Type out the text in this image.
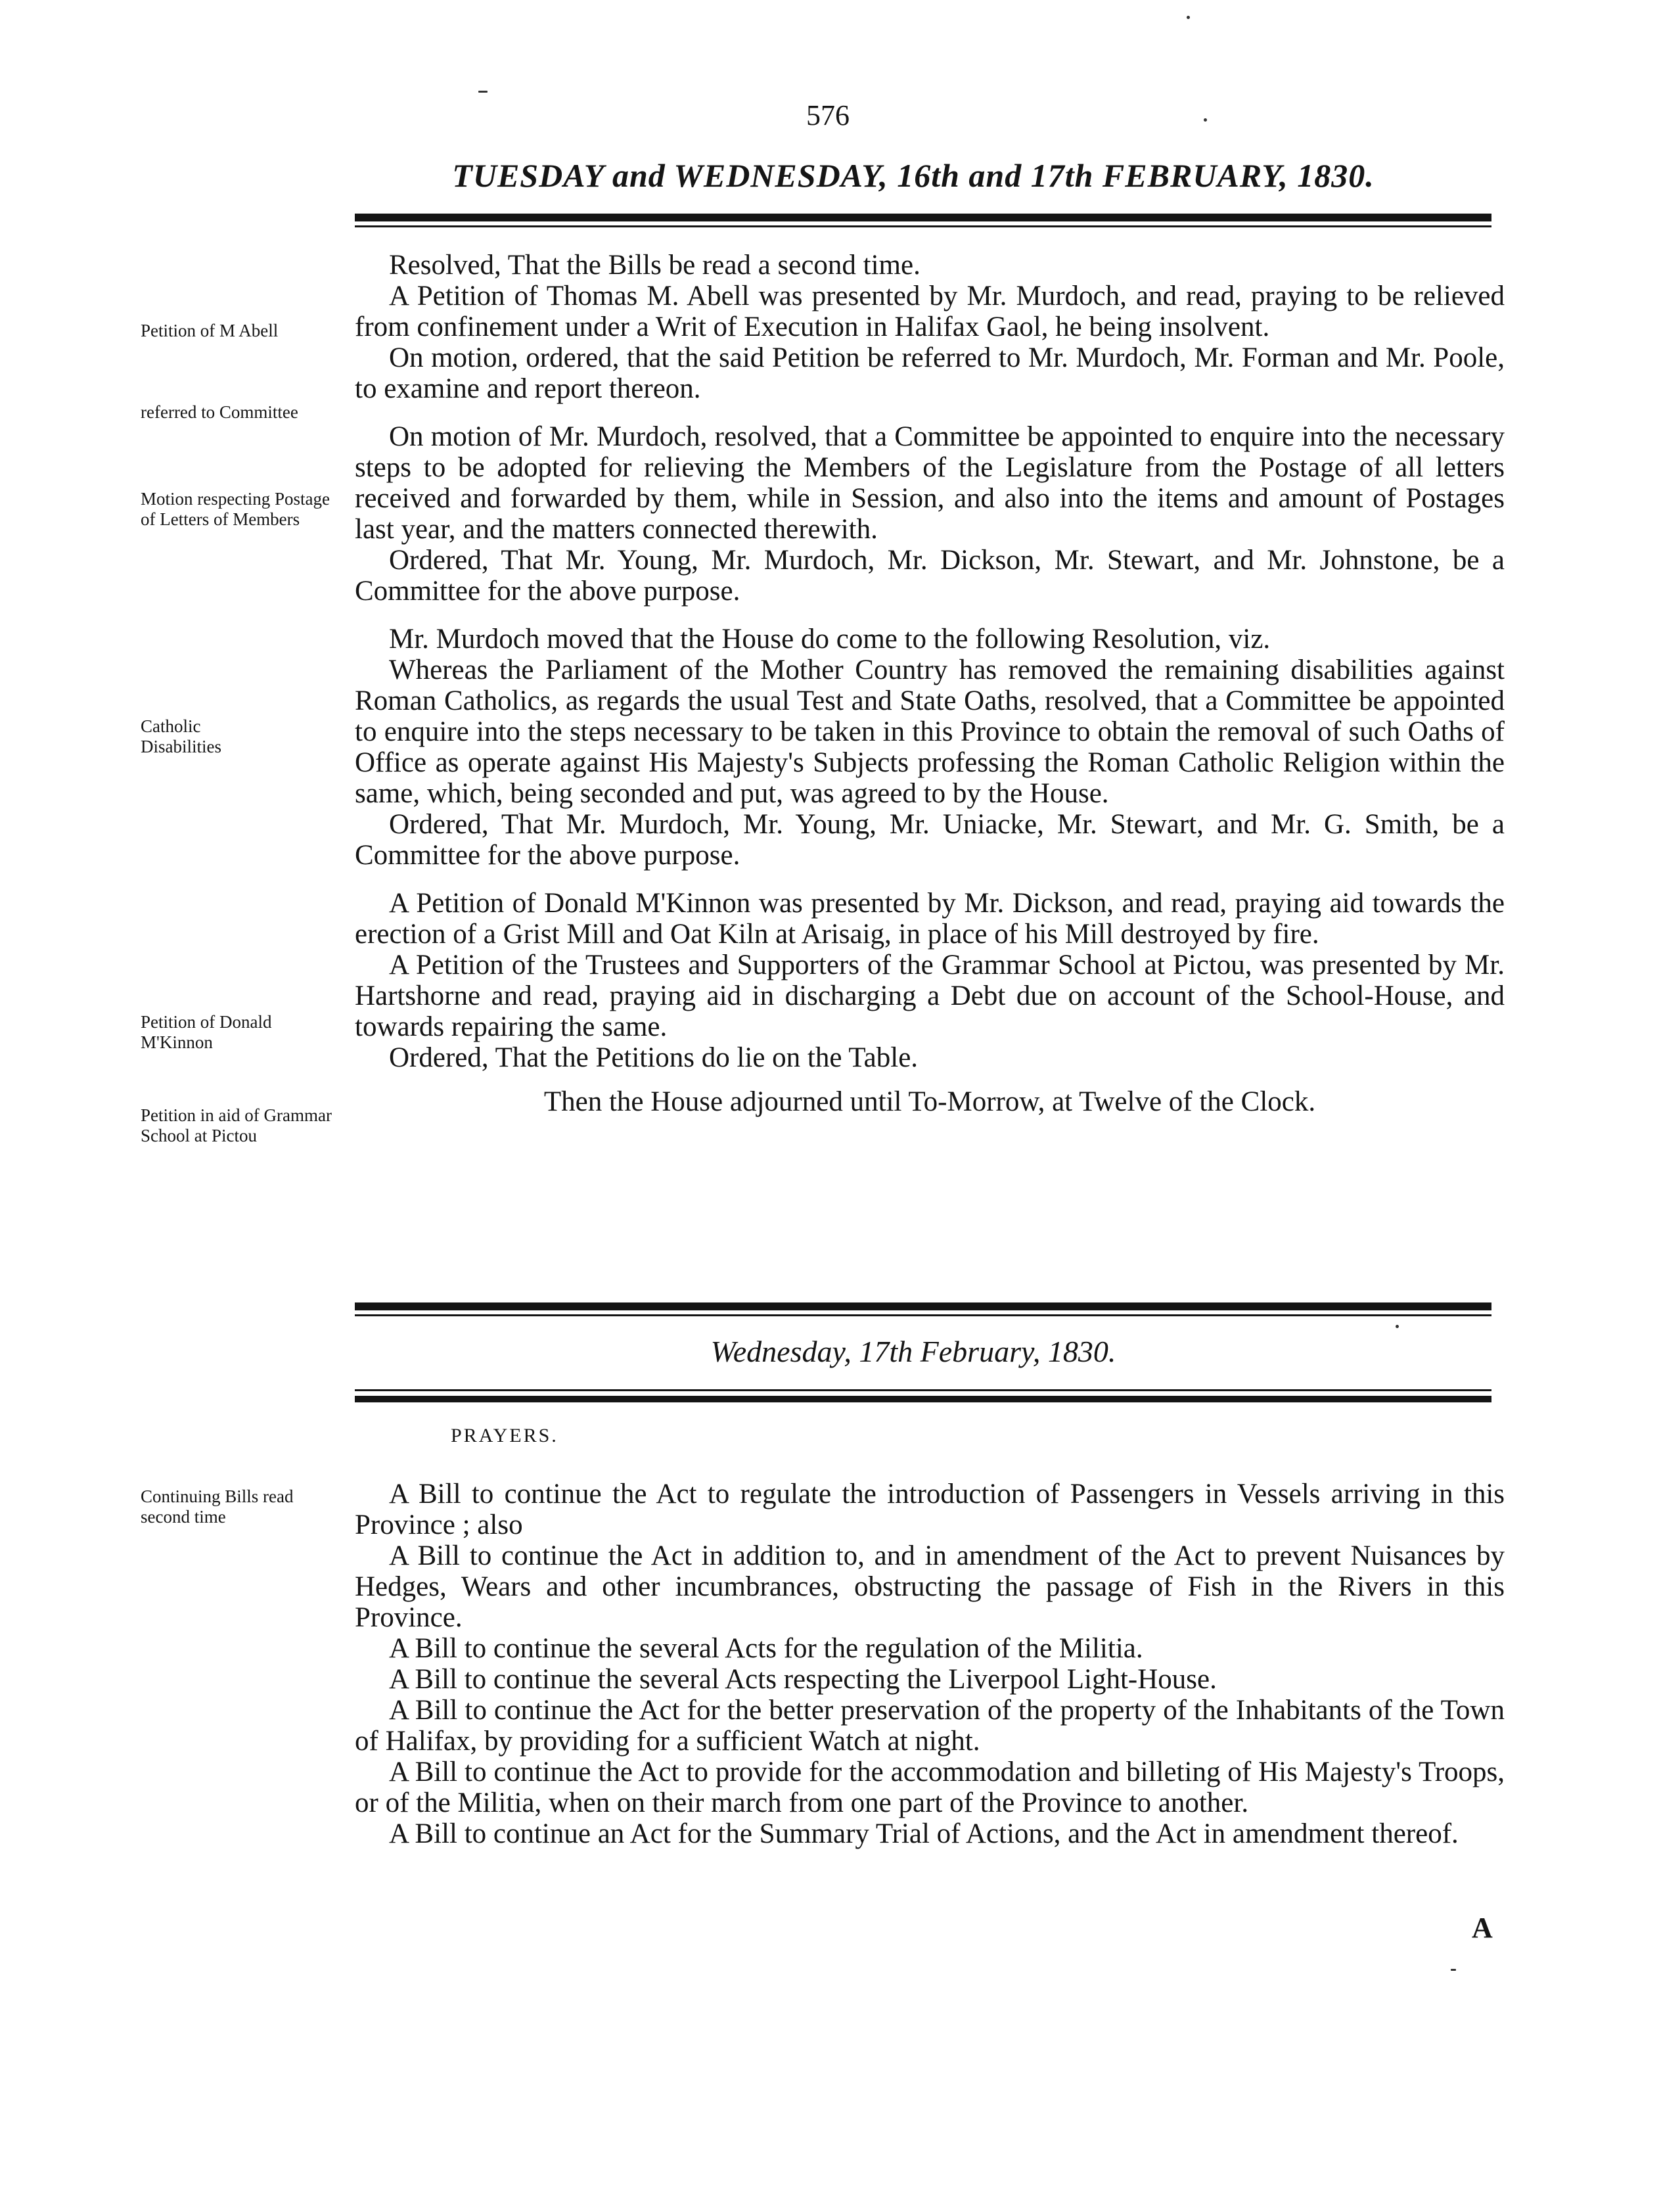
576
TUESDAY and WEDNESDAY, 16th and 17th FEBRUARY, 1830.
Petition of M Abell
referred to Committee
Motion respecting Postage of Letters of Members
Catholic Disabilities
Petition of Donald M'Kinnon
Petition in aid of Grammar School at Pictou
Continuing Bills read second time

Resolved, That the Bills be read a second time.

A Petition of Thomas M. Abell was presented by Mr. Murdoch, and read, praying to be relieved from confinement under a Writ of Execution in Halifax Gaol, he being insolvent.

On motion, ordered, that the said Petition be referred to Mr. Murdoch, Mr. Forman and Mr. Poole, to examine and report thereon.

On motion of Mr. Murdoch, resolved, that a Committee be appointed to enquire into the necessary steps to be adopted for relieving the Members of the Legislature from the Postage of all letters received and forwarded by them, while in Session, and also into the items and amount of Postages last year, and the matters connected therewith.

Ordered, That Mr. Young, Mr. Murdoch, Mr. Dickson, Mr. Stewart, and Mr. Johnstone, be a Committee for the above purpose.

Mr. Murdoch moved that the House do come to the following Resolution, viz.

Whereas the Parliament of the Mother Country has removed the remaining disabilities against Roman Catholics, as regards the usual Test and State Oaths, resolved, that a Committee be appointed to enquire into the steps necessary to be taken in this Province to obtain the removal of such Oaths of Office as operate against His Majesty's Subjects professing the Roman Catholic Religion within the same, which, being seconded and put, was agreed to by the House.

Ordered, That Mr. Murdoch, Mr. Young, Mr. Uniacke, Mr. Stewart, and Mr. G. Smith, be a Committee for the above purpose.

A Petition of Donald M'Kinnon was presented by Mr. Dickson, and read, praying aid towards the erection of a Grist Mill and Oat Kiln at Arisaig, in place of his Mill destroyed by fire.

A Petition of the Trustees and Supporters of the Grammar School at Pictou, was presented by Mr. Hartshorne and read, praying aid in discharging a Debt due on account of the School-House, and towards repairing the same.

Ordered, That the Petitions do lie on the Table.

Then the House adjourned until To-Morrow, at Twelve of the Clock.

Wednesday, 17th February, 1830.
PRAYERS.

A Bill to continue the Act to regulate the introduction of Passengers in Vessels arriving in this Province ; also

A Bill to continue the Act in addition to, and in amendment of the Act to prevent Nuisances by Hedges, Wears and other incumbrances, obstructing the passage of Fish in the Rivers in this Province.

A Bill to continue the several Acts for the regulation of the Militia.

A Bill to continue the several Acts respecting the Liverpool Light-House.

A Bill to continue the Act for the better preservation of the property of the Inhabitants of the Town of Halifax, by providing for a sufficient Watch at night.

A Bill to continue the Act to provide for the accommodation and billeting of His Majesty's Troops, or of the Militia, when on their march from one part of the Province to another.

A Bill to continue an Act for the Summary Trial of Actions, and the Act in amendment thereof.

A
